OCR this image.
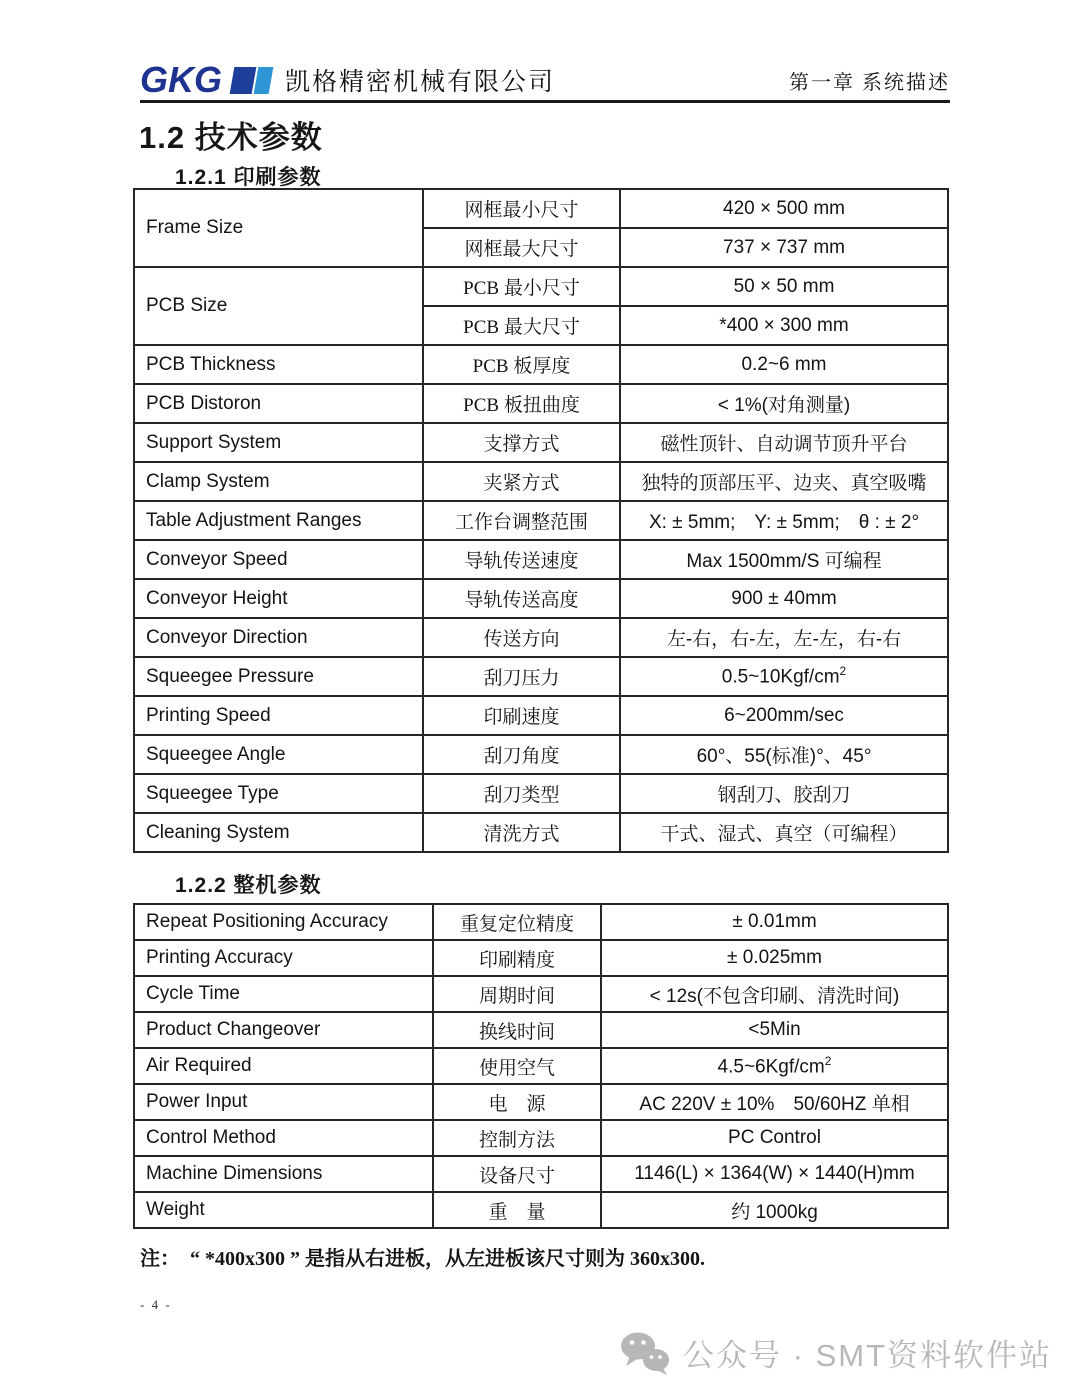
GKG	凯格精密机械有限公司	第一章 系统描述
1.2 技术参数
1.2.1 印刷参数
Frame Size	网框最小尺寸	420 × 500 mm
	网框最大尺寸	737 × 737 mm
PCB Size	PCB 最小尺寸	50 × 50 mm
	PCB 最大尺寸	*400 × 300 mm
PCB Thickness	PCB 板厚度	0.2~6 mm
PCB Distoron	PCB 板扭曲度	< 1%(对角测量)
Support System	支撑方式	磁性顶针、自动调节顶升平台
Clamp System	夹紧方式	独特的顶部压平、边夹、真空吸嘴
Table Adjustment Ranges	工作台调整范围	X: ± 5mm;　Y: ± 5mm;　θ : ± 2°
Conveyor Speed	导轨传送速度	Max 1500mm/S 可编程
Conveyor Height	导轨传送高度	900 ± 40mm
Conveyor Direction	传送方向	左-右，右-左，左-左，右-右
Squeegee Pressure	刮刀压力	$0.5\sim 10Kgf/cm^2$
Printing Speed	印刷速度	6~200mm/sec
Squeegee Angle	刮刀角度	60°、55(标准)°、45°
Squeegee Type	刮刀类型	钢刮刀、胶刮刀
Cleaning System	清洗方式	干式、湿式、真空（可编程）
1.2.2 整机参数
Repeat Positioning Accuracy	重复定位精度	± 0.01mm
Printing Accuracy	印刷精度	± 0.025mm
Cycle Time	周期时间	< 12s(不包含印刷、清洗时间)
Product Changeover	换线时间	<5Min
Air Required	使用空气	$4.5\sim 6Kgf/cm^2$
Power Input	电　源	AC 220V ± 10%　50/60HZ 单相
Control Method	控制方法	PC Control
Machine Dimensions	设备尺寸	1146(L) × 1364(W) × 1440(H)mm
Weight	重　量	约 1000kg
注：　“ *400x300 ” 是指从右进板，从左进板该尺寸则为 360x300.
- 4 -
公众号 · SMT资料软件站
